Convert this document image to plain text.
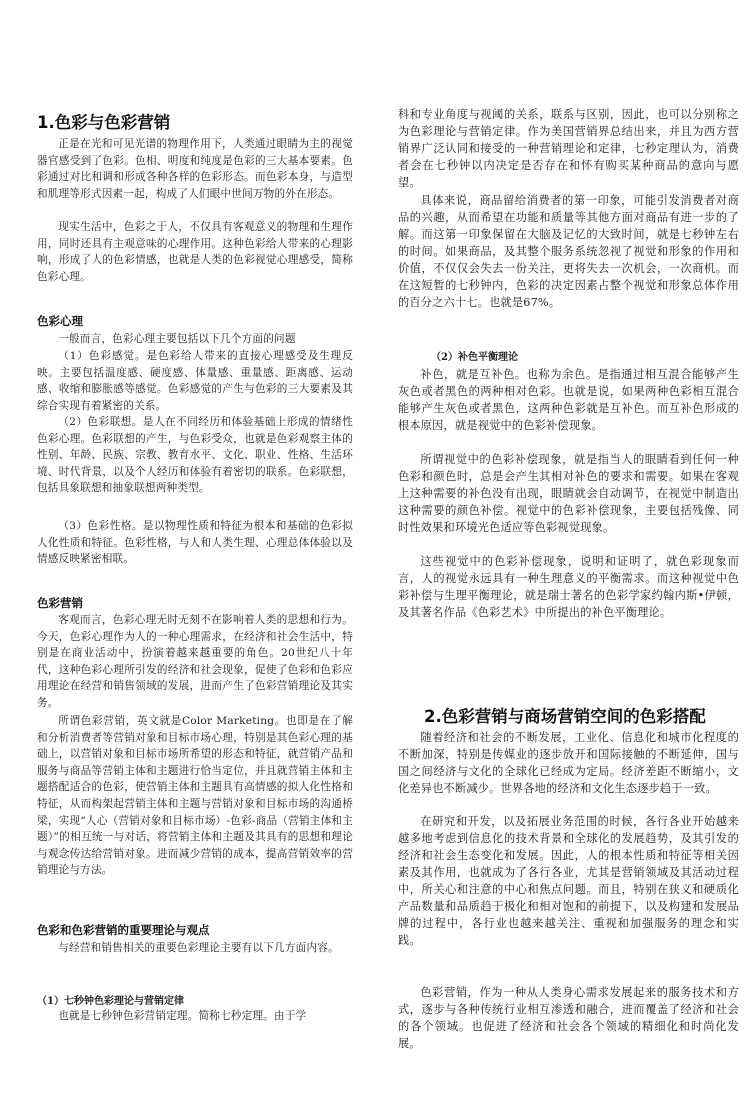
1.色彩与色彩营销

正是在光和可见光谱的物理作用下，人类通过眼睛为主的视觉器官感受到了色彩。色相、明度和纯度是色彩的三大基本要素。色彩通过对比和调和形成各种各样的色彩形态。而色彩本身，与造型和肌理等形式因素一起，构成了人们眼中世间万物的外在形态。

现实生活中，色彩之于人，不仅具有客观意义的物理和生理作用，同时还具有主观意味的心理作用。这种色彩给人带来的心理影响，形成了人的色彩情感，也就是人类的色彩视觉心理感受，简称色彩心理。

色彩心理

一般而言，色彩心理主要包括以下几个方面的问题

（1）色彩感觉。是色彩给人带来的直接心理感受及生理反映。主要包括温度感、硬度感、体量感、重量感、距离感、运动感、收缩和膨胀感等感觉。色彩感觉的产生与色彩的三大要素及其综合实现有着紧密的关系。

（2）色彩联想。是人在不同经历和体验基础上形成的情绪性色彩心理。色彩联想的产生，与色彩受众，也就是色彩观察主体的性别、年龄、民族、宗教、教育水平、文化、职业、性格、生活环境、时代背景，以及个人经历和体验有着密切的联系。色彩联想，包括具象联想和抽象联想两种类型。

（3）色彩性格。是以物理性质和特征为根本和基础的色彩拟人化性质和特征。色彩性格，与人和人类生理、心理总体体验以及情感反映紧密相联。

色彩营销

客观而言，色彩心理无时无刻不在影响着人类的思想和行为。今天，色彩心理作为人的一种心理需求，在经济和社会生活中，特别是在商业活动中，扮演着越来越重要的角色。20世纪八十年代，这种色彩心理所引发的经济和社会现象，促使了色彩和色彩应用理论在经营和销售领域的发展，进而产生了色彩营销理论及其实务。

所谓色彩营销，英文就是Color Marketing。也即是在了解和分析消费者等营销对象和目标市场心理，特别是其色彩心理的基础上，以营销对象和目标市场所希望的形态和特征，就营销产品和服务与商品等营销主体和主题进行恰当定位，并且就营销主体和主题搭配适合的色彩，使营销主体和主题具有高情感的拟人化性格和特征，从而构架起营销主体和主题与营销对象和目标市场的沟通桥梁，实现“人心（营销对象和目标市场）-色彩-商品（营销主体和主题）”的相互统一与对话，将营销主体和主题及其具有的思想和理论与观念传达给营销对象。进而减少营销的成本，提高营销效率的营销理论与方法。

色彩和色彩营销的重要理论与观点

与经营和销售相关的重要色彩理论主要有以下几方面内容。

（1）七秒钟色彩理论与营销定律

也就是七秒钟色彩营销定理。简称七秒定理。由于学

科和专业角度与视阈的关系，联系与区别，因此，也可以分别称之为色彩理论与营销定律。作为美国营销界总结出来，并且为西方营销界广泛认同和接受的一种营销理论和定律，七秒定理认为，消费者会在七秒钟以内决定是否存在和怀有购买某种商品的意向与愿望。

具体来说，商品留给消费者的第一印象，可能引发消费者对商品的兴趣，从而希望在功能和质量等其他方面对商品有进一步的了解。而这第一印象保留在大脑及记忆的大致时间，就是七秒钟左右的时间。如果商品，及其整个服务系统忽视了视觉和形象的作用和价值，不仅仅会失去一份关注，更将失去一次机会，一次商机。而在这短暂的七秒钟内，色彩的决定因素占整个视觉和形象总体作用的百分之六十七。也就是67%。

（2）补色平衡理论

补色，就是互补色。也称为余色。是指通过相互混合能够产生灰色或者黑色的两种相对色彩。也就是说，如果两种色彩相互混合能够产生灰色或者黑色，这两种色彩就是互补色。而互补色形成的根本原因，就是视觉中的色彩补偿现象。

所谓视觉中的色彩补偿现象，就是指当人的眼睛看到任何一种色彩和颜色时，总是会产生其相对补色的要求和需要。如果在客观上这种需要的补色没有出现，眼睛就会自动调节，在视觉中制造出这种需要的颜色补偿。视觉中的色彩补偿现象，主要包括残像、同时性效果和环境光色适应等色彩视觉现象。

这些视觉中的色彩补偿现象，说明和证明了，就色彩现象而言，人的视觉永远具有一种生理意义的平衡需求。而这种视觉中色彩补偿与生理平衡理论，就是瑞士著名的色彩学家约翰内斯•伊顿，及其著名作品《色彩艺术》中所提出的补色平衡理论。

2.色彩营销与商场营销空间的色彩搭配

随着经济和社会的不断发展，工业化、信息化和城市化程度的不断加深，特别是传媒业的逐步放开和国际接触的不断延伸，国与国之间经济与文化的全球化已经成为定局。经济差距不断缩小，文化差异也不断减少。世界各地的经济和文化生态逐步趋于一致。

在研究和开发，以及拓展业务范围的时候，各行各业开始越来越多地考虑到信息化的技术背景和全球化的发展趋势，及其引发的经济和社会生态变化和发展。因此，人的根本性质和特征等相关因素及其作用，也就成为了各行各业，尤其是营销领域及其活动过程中，所关心和注意的中心和焦点问题。而且，特别在狭义和硬质化产品数量和品质趋于极化和相对饱和的前提下，以及构建和发展品牌的过程中，各行业也越来越关注、重视和加强服务的理念和实践。

色彩营销，作为一种从人类身心需求发展起来的服务技术和方式，逐步与各种传统行业相互渗透和融合，进而覆盖了经济和社会的各个领域。也促进了经济和社会各个领域的精细化和时尚化发展。
